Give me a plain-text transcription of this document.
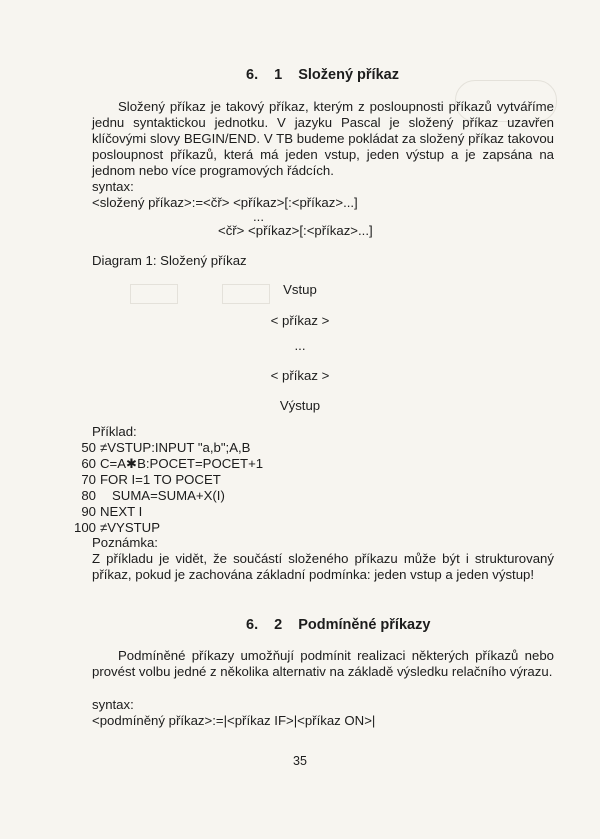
6. 1 Složený příkaz

Složený příkaz je takový příkaz, kterým z posloupnosti příkazů vytváříme jednu syntaktickou jednotku. V jazyku Pascal je složený příkaz uzavřen klíčovými slovy BEGIN/END. V TB budeme pokládat za složený příkaz takovou posloupnost příkazů, která má jeden vstup, jeden výstup a je zapsána na jednom nebo více programových řádcích.

syntax:
<složený příkaz>:=<čř> <příkaz>[:<příkaz>...]
...
<čř> <příkaz>[:<příkaz>...]
Diagram 1: Složený příkaz
Vstup
< příkaz >
...
< příkaz >
Výstup
Příklad:
50 ≠VSTUP:INPUT "a,b";A,B
60 C=A✱B:POCET=POCET+1
70 FOR I=1 TO POCET
80 SUMA=SUMA+X(I)
90 NEXT I
100 ≠VYSTUP
Poznámka:

Z příkladu je vidět, že součástí složeného příkazu může být i strukturovaný příkaz, pokud je zachována základní podmínka: jeden vstup a jeden výstup!

6. 2 Podmíněné příkazy

Podmíněné příkazy umožňují podmínit realizaci některých příkazů nebo provést volbu jedné z několika alternativ na základě výsledku relačního výrazu.

syntax:
<podmíněný příkaz>:=|<příkaz IF>|<příkaz ON>|
35
